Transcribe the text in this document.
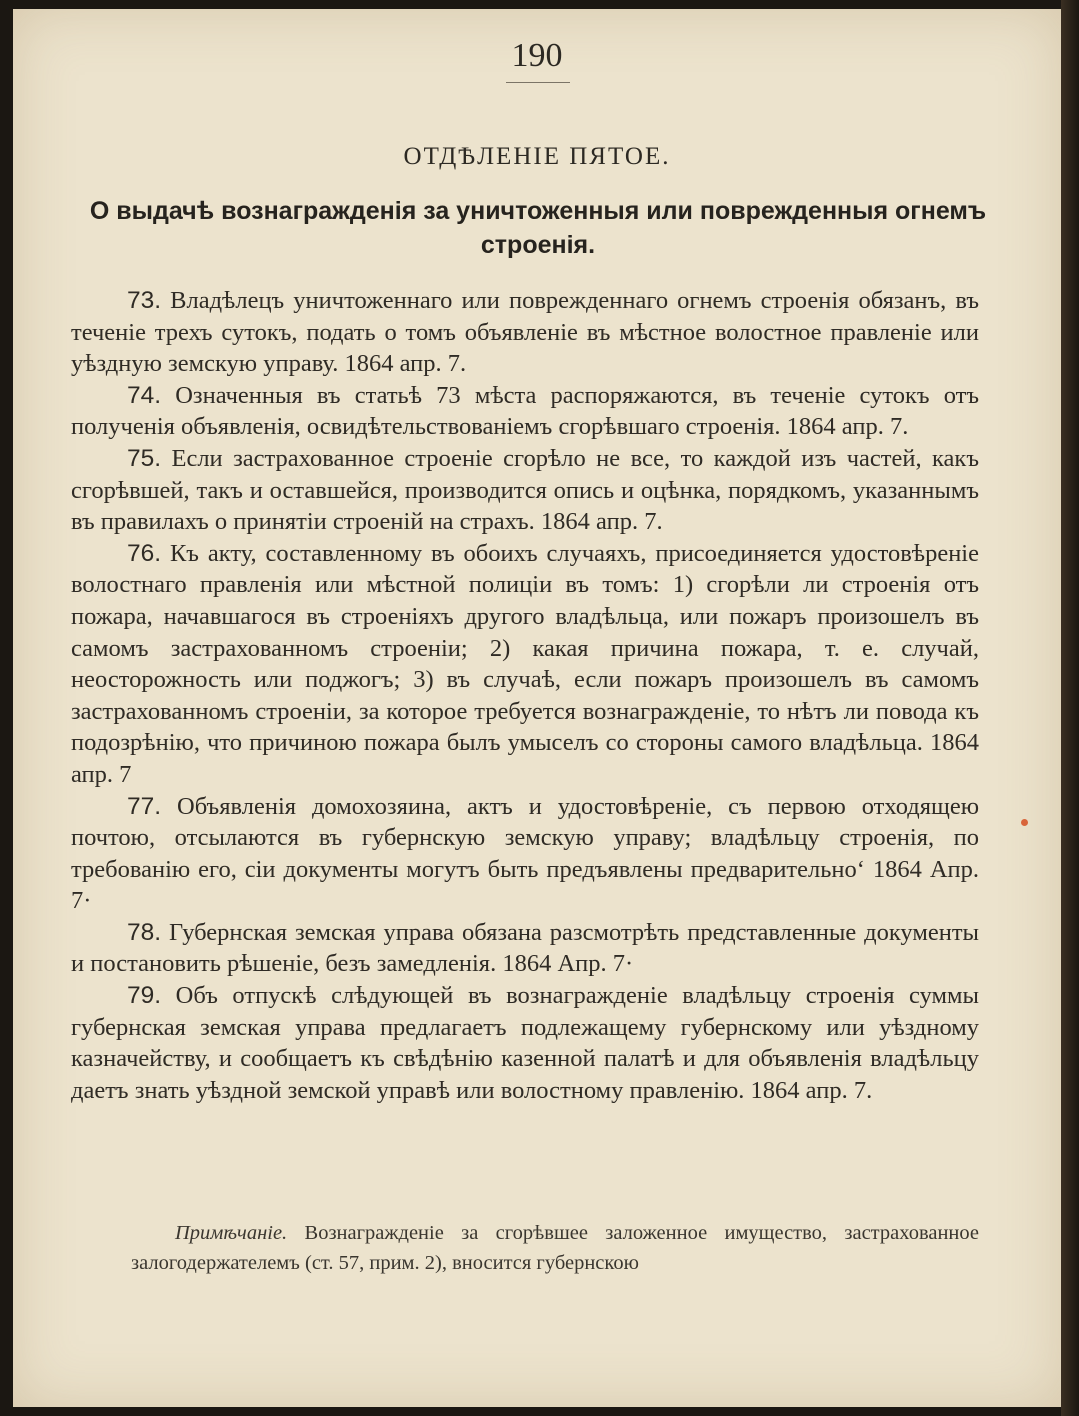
190
ОТДѢЛЕНІЕ ПЯТОЕ.
О выдачѣ вознагражденія за уничтоженныя или поврежденныя огнемъ строенія.

73. Владѣлецъ уничтоженнаго или поврежденнаго огнемъ строенія обязанъ, въ теченіе трехъ сутокъ, подать о томъ объявленіе въ мѣстное волостное правленіе или уѣздную земскую управу. 1864 апр. 7.

74. Означенныя въ статьѣ 73 мѣста распоряжаются, въ теченіе сутокъ отъ полученія объявленія, освидѣтельствованіемъ сгорѣвшаго строенія. 1864 апр. 7.

75. Если застрахованное строеніе сгорѣло не все, то каждой изъ частей, какъ сгорѣвшей, такъ и оставшейся, производится опись и оцѣнка, порядкомъ, указаннымъ въ правилахъ о принятіи строеній на страхъ. 1864 апр. 7.

76. Къ акту, составленному въ обоихъ случаяхъ, присоединяется удостовѣреніе волостнаго правленія или мѣстной полиціи въ томъ: 1) сгорѣли ли строенія отъ пожара, начавшагося въ строеніяхъ другого владѣльца, или пожаръ произошелъ въ самомъ застрахованномъ строеніи; 2) какая причина пожара, т. е. случай, неосторожность или поджогъ; 3) въ случаѣ, если пожаръ произошелъ въ самомъ застрахованномъ строеніи, за которое требуется вознагражденіе, то нѣтъ ли повода къ подозрѣнію, что причиною пожара былъ умыселъ со стороны самого владѣльца. 1864 апр. 7

77. Объявленія домохозяина, актъ и удостовѣреніе, съ первою отходящею почтою, отсылаются въ губернскую земскую управу; владѣльцу строенія, по требованію его, сіи документы могутъ быть предъявлены предварительно‘ 1864 Апр. 7·

78. Губернская земская управа обязана разсмотрѣть представленные документы и постановить рѣшеніе, безъ замедленія. 1864 Апр. 7·

79. Объ отпускѣ слѣдующей въ вознагражденіе владѣльцу строенія суммы губернская земская управа предлагаетъ подлежащему губернскому или уѣздному казначейству, и сообщаетъ къ свѣдѣнію казенной палатѣ и для объявленія владѣльцу даетъ знать уѣздной земской управѣ или волостному правленію. 1864 апр. 7.

Примѣчаніе. Вознагражденіе за сгорѣвшее заложенное имущество, застрахованное залогодержателемъ (ст. 57, прим. 2), вносится губернскою
